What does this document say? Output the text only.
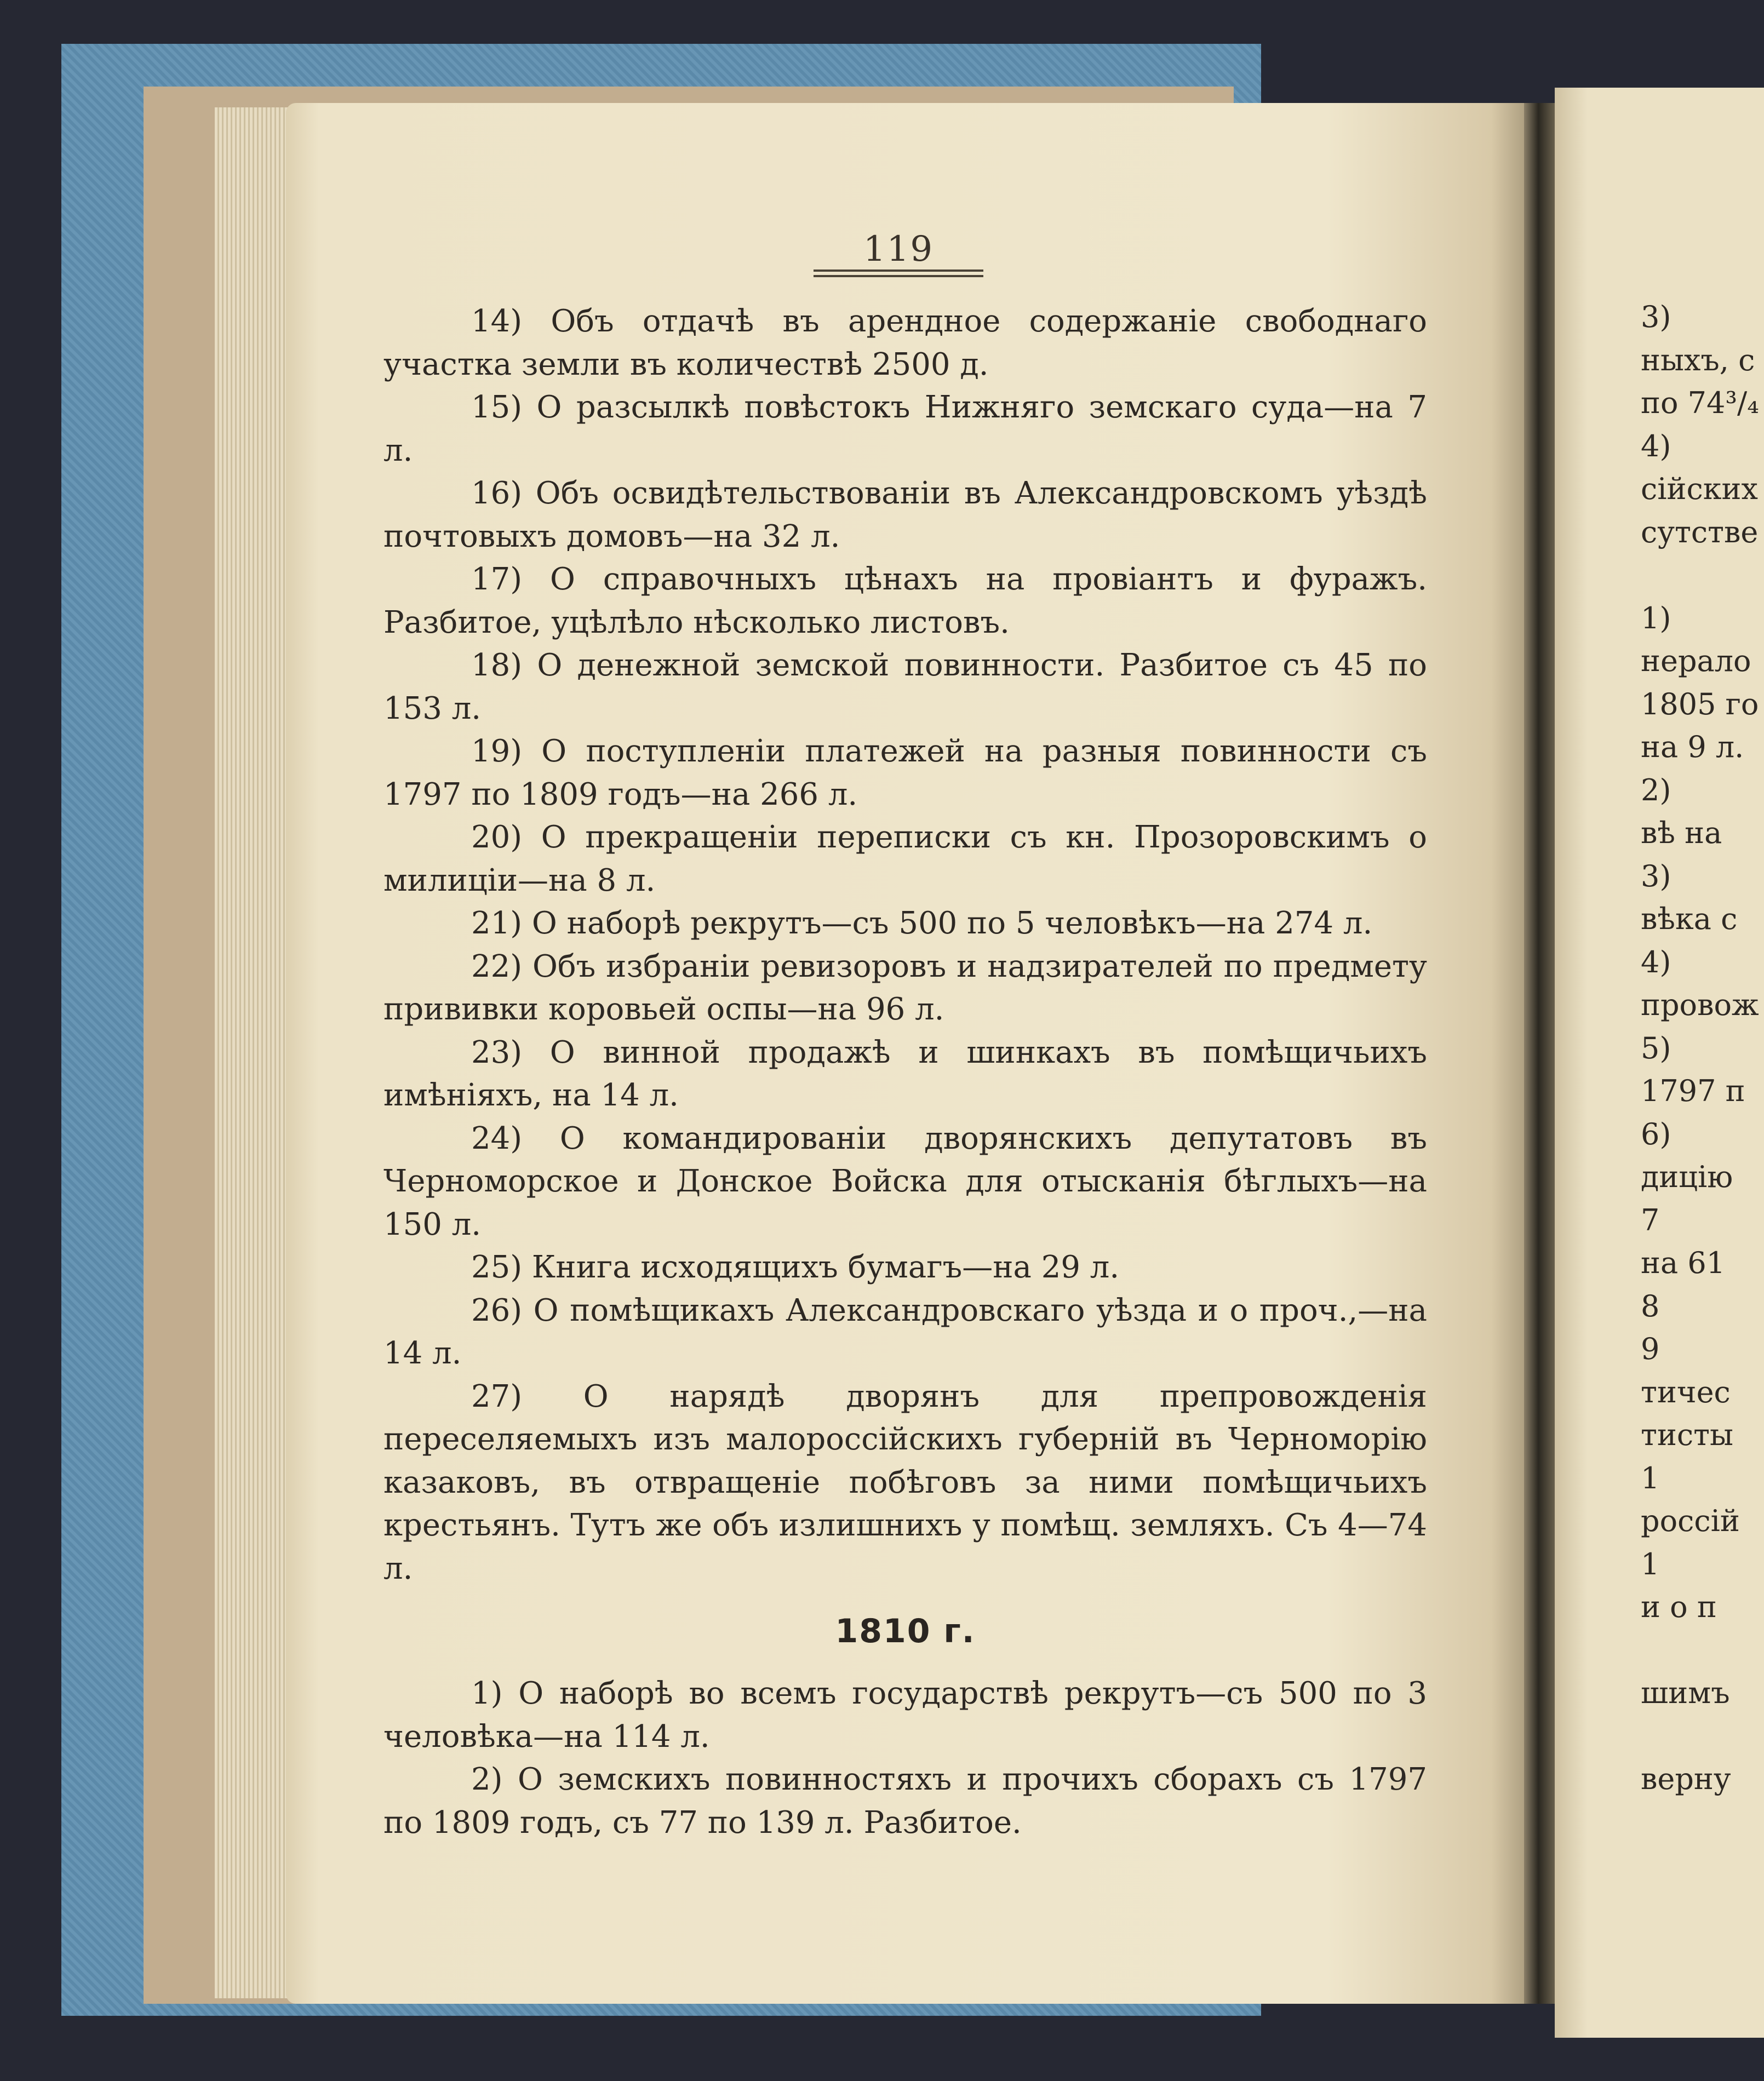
119

14) Объ отдачѣ въ арендное содержаніе свободнаго участка земли въ количествѣ 2500 д.

15) О разсылкѣ повѣстокъ Нижняго земскаго суда—на 7 л.

16) Объ освидѣтельствованіи въ Александровскомъ уѣздѣ почтовыхъ домовъ—на 32 л.

17) О справочныхъ цѣнахъ на провіантъ и фуражъ. Разбитое, уцѣлѣло нѣсколько листовъ.

18) О денежной земской повинности. Разбитое съ 45 по 153 л.

19) О поступленіи платежей на разныя повинности съ 1797 по 1809 годъ—на 266 л.

20) О прекращеніи переписки съ кн. Прозоровскимъ о милиціи—на 8 л.

21) О наборѣ рекрутъ—съ 500 по 5 человѣкъ—на 274 л.

22) Объ избраніи ревизоровъ и надзирателей по предмету прививки коровьей оспы—на 96 л.

23) О винной продажѣ и шинкахъ въ помѣщичьихъ имѣніяхъ, на 14 л.

24) О командированіи дворянскихъ депутатовъ въ Черноморское и Донское Войска для отысканія бѣглыхъ—на 150 л.

25) Книга исходящихъ бумагъ—на 29 л.

26) О помѣщикахъ Александровскаго уѣзда и о проч.,—на 14 л.

27) О нарядѣ дворянъ для препровожденія переселяемыхъ изъ малороссійскихъ губерній въ Черноморію казаковъ, въ отвращеніе побѣговъ за ними помѣщичьихъ крестьянъ. Тутъ же объ излишнихъ у помѣщ. земляхъ. Съ 4—74 л.

1810 г.

1) О наборѣ во всемъ государствѣ рекрутъ—съ 500 по 3 человѣка—на 114 л.

2) О земскихъ повинностяхъ и прочихъ сборахъ съ 1797 по 1809 годъ, съ 77 по 139 л. Разбитое.

3)
ныхъ, с
по 74³/₄
4)
сійских
сутстве
1)
нерало
1805 го
на 9 л.
2)
вѣ на
3)
вѣка с
4)
провож
5)
1797 п
6)
дицію
7
на 61
8
9
тичес
тисты
1
россій
1
и о п
шимъ
верну
